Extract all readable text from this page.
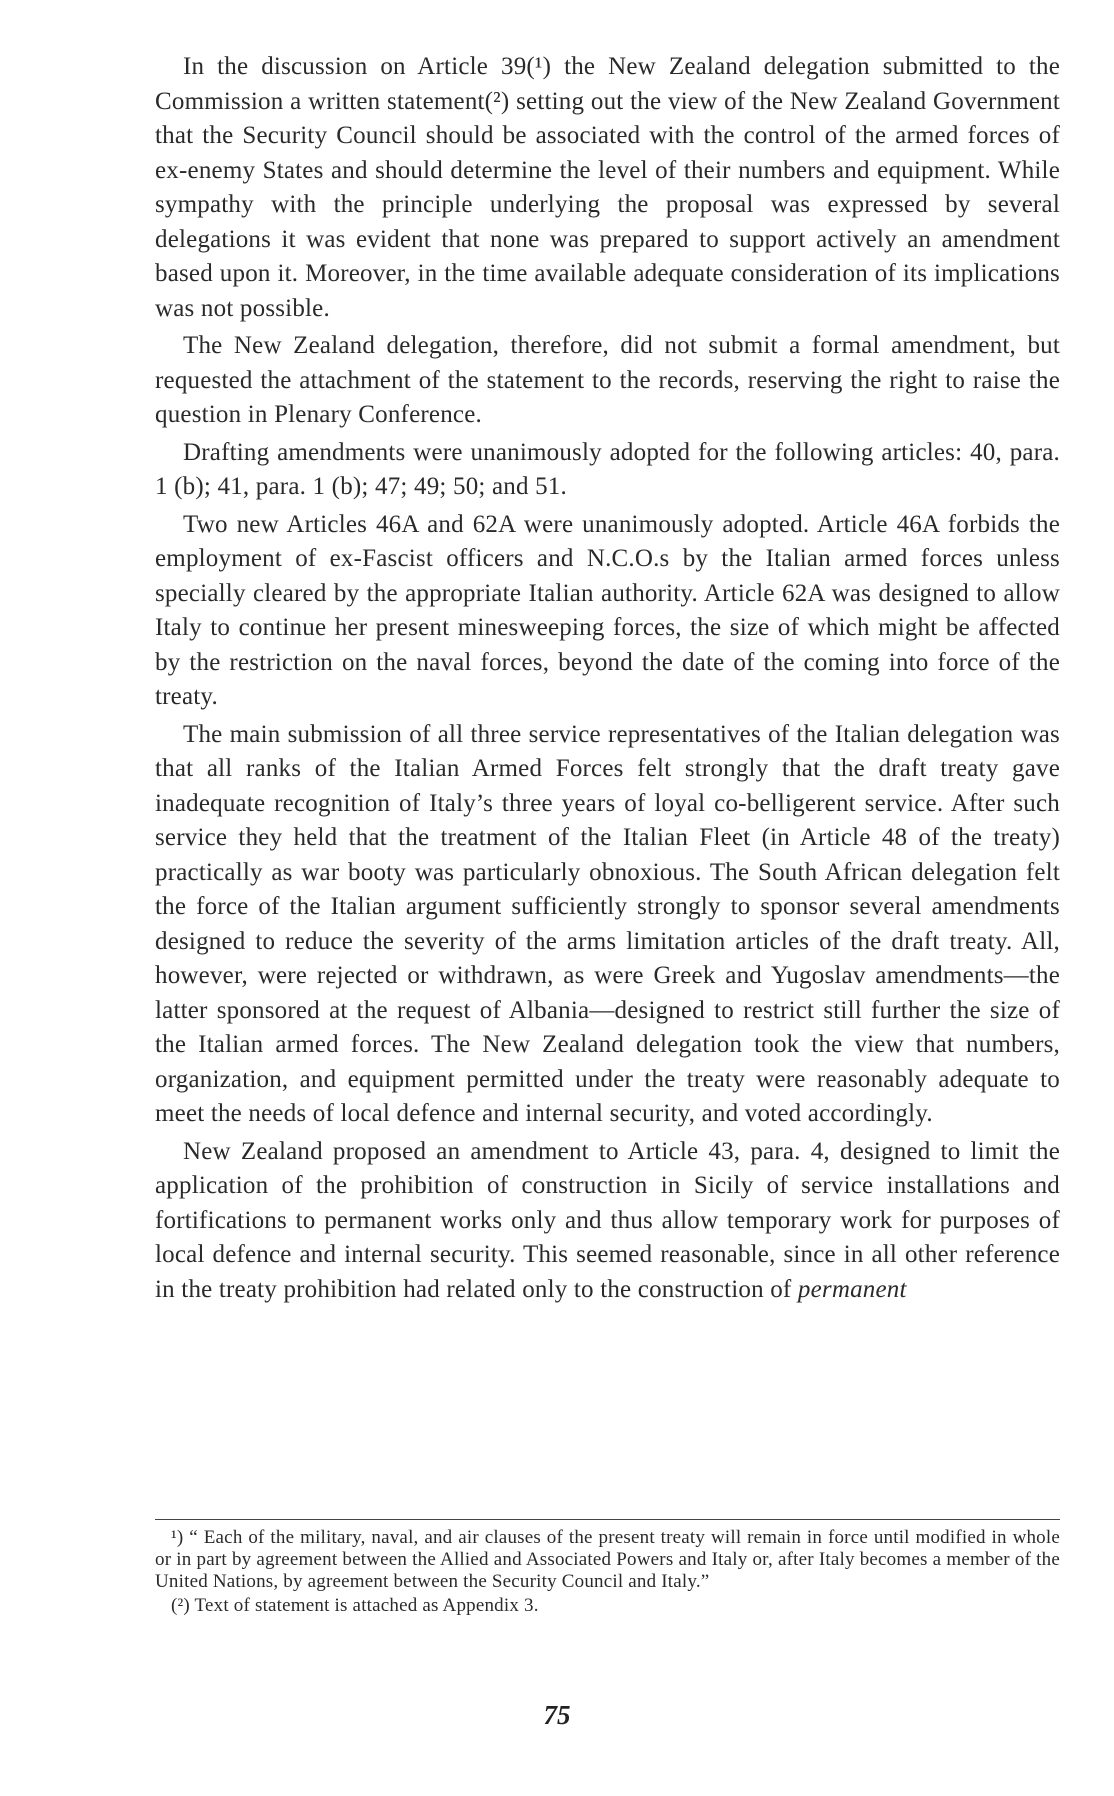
In the discussion on Article 39(¹) the New Zealand delegation submitted to the Commission a written statement(²) setting out the view of the New Zealand Government that the Security Council should be associated with the control of the armed forces of ex-enemy States and should determine the level of their numbers and equipment. While sympathy with the principle underlying the proposal was expressed by several delegations it was evident that none was prepared to support actively an amendment based upon it. Moreover, in the time available adequate consideration of its implications was not possible.

The New Zealand delegation, therefore, did not submit a formal amendment, but requested the attachment of the statement to the records, reserving the right to raise the question in Plenary Conference.

Drafting amendments were unanimously adopted for the following articles: 40, para. 1 (b); 41, para. 1 (b); 47; 49; 50; and 51.

Two new Articles 46A and 62A were unanimously adopted. Article 46A forbids the employment of ex-Fascist officers and N.C.O.s by the Italian armed forces unless specially cleared by the appropriate Italian authority. Article 62A was designed to allow Italy to continue her present minesweeping forces, the size of which might be affected by the restriction on the naval forces, beyond the date of the coming into force of the treaty.

The main submission of all three service representatives of the Italian delegation was that all ranks of the Italian Armed Forces felt strongly that the draft treaty gave inadequate recognition of Italy’s three years of loyal co-belligerent service. After such service they held that the treatment of the Italian Fleet (in Article 48 of the treaty) practically as war booty was particularly obnoxious. The South African delegation felt the force of the Italian argument sufficiently strongly to sponsor several amendments designed to reduce the severity of the arms limitation articles of the draft treaty. All, however, were rejected or withdrawn, as were Greek and Yugoslav amendments—the latter sponsored at the request of Albania—designed to restrict still further the size of the Italian armed forces. The New Zealand delegation took the view that numbers, organization, and equipment permitted under the treaty were reasonably adequate to meet the needs of local defence and internal security, and voted accordingly.

New Zealand proposed an amendment to Article 43, para. 4, designed to limit the application of the prohibition of construction in Sicily of service installations and fortifications to permanent works only and thus allow temporary work for purposes of local defence and internal security. This seemed reasonable, since in all other reference in the treaty prohibition had related only to the construction of permanent

¹) “ Each of the military, naval, and air clauses of the present treaty will remain in force until modified in whole or in part by agreement between the Allied and Associated Powers and Italy or, after Italy becomes a member of the United Nations, by agreement between the Security Council and Italy.”

(²) Text of statement is attached as Appendix 3.

75
